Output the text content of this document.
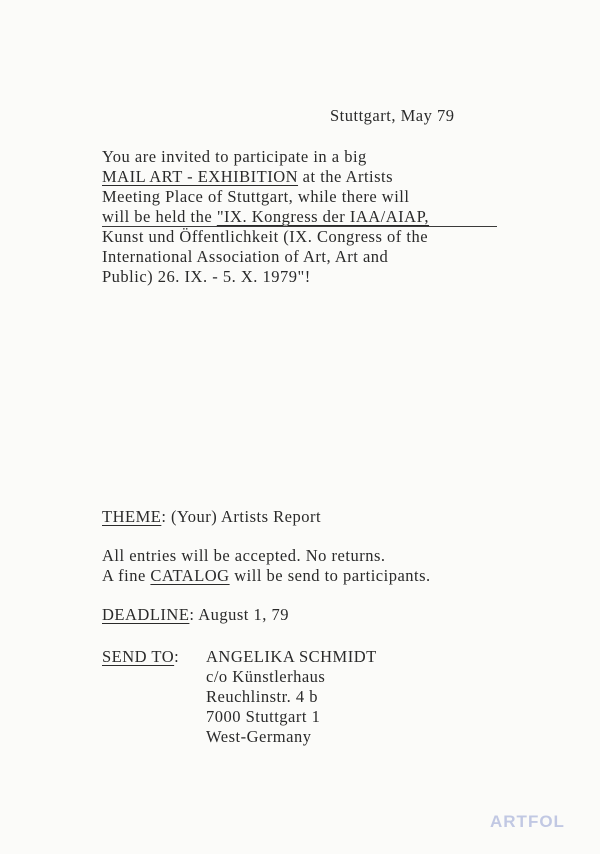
Stuttgart, May 79
You are invited to participate in a big
MAIL ART - EXHIBITION at the Artists
Meeting Place of Stuttgart, while there will
will be held the "IX. Kongress der IAA/AIAP,
Kunst und Öffentlichkeit (IX. Congress of the
International Association of Art, Art and
Public) 26. IX. - 5. X. 1979"!
THEME: (Your) Artists Report
All entries will be accepted. No returns.
A fine CATALOG will be send to participants.
DEADLINE: August 1, 79
SEND TO: ANGELIKA SCHMIDT
c/o Künstlerhaus
Reuchlinstr. 4 b
7000 Stuttgart 1
West-Germany
ARTFOL
